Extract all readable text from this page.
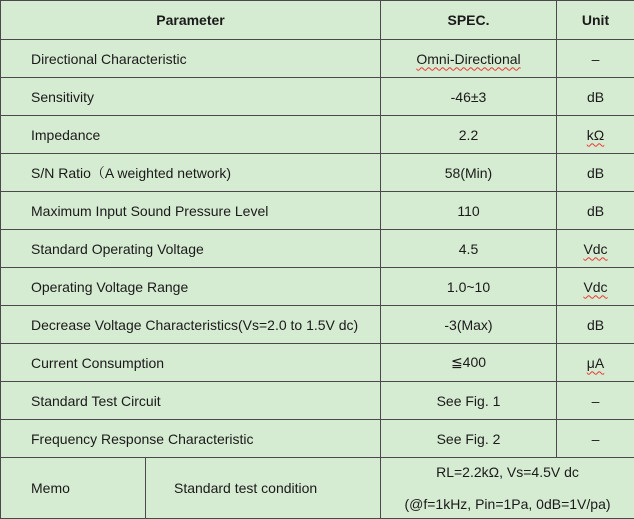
Parameter		SPEC.	Unit
Directional Characteristic		Omni-Directional	–
Sensitivity		-46±3	dB
Impedance		2.2	kΩ
S/N Ratio（A weighted network)		58(Min)	dB
Maximum Input Sound Pressure Level		110	dB
Standard Operating Voltage		4.5	Vdc
Operating Voltage Range		1.0~10	Vdc
Decrease Voltage Characteristics(Vs=2.0 to 1.5V dc)		-3(Max)	dB
Current Consumption		≦400	μA
Standard Test Circuit		See Fig. 1	–
Frequency Response Characteristic		See Fig. 2	–
Memo	Standard test condition	RL=2.2kΩ, Vs=4.5V dc
(@f=1kHz, Pin=1Pa, 0dB=1V/pa)	
